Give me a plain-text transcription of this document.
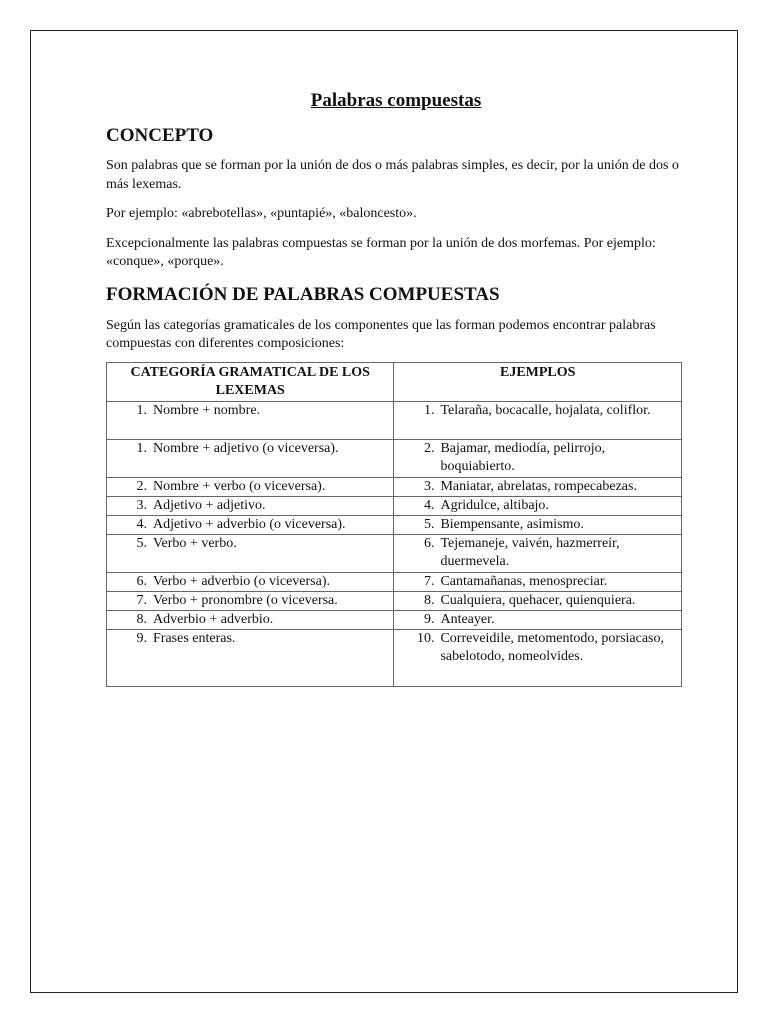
Palabras compuestas
CONCEPTO

Son palabras que se forman por la unión de dos o más palabras simples, es decir, por la unión de dos o más lexemas.

Por ejemplo: «abrebotellas», «puntapié», «baloncesto».

Excepcionalmente las palabras compuestas se forman por la unión de dos morfemas. Por ejemplo: «conque», «porque».

FORMACIÓN DE PALABRAS COMPUESTAS

Según las categorías gramaticales de los componentes que las forman podemos encontrar palabras compuestas con diferentes composiciones:

CATEGORÍA GRAMATICAL DE LOS LEXEMAS	EJEMPLOS

1. Nombre + nombre.	1. Telaraña, bocacalle, hojalata, coliflor.

1. Nombre + adjetivo (o viceversa).	2. Bajamar, mediodía, pelirrojo, boquiabierto.

2. Nombre + verbo (o viceversa).	3. Maniatar, abrelatas, rompecabezas.

3. Adjetivo + adjetivo.	4. Agridulce, altibajo.

4. Adjetivo + adverbio (o viceversa).	5. Biempensante, asimismo.

5. Verbo + verbo.	6. Tejemaneje, vaivén, hazmerreír, duermevela.

6. Verbo + adverbio (o viceversa).	7. Cantamañanas, menospreciar.

7. Verbo + pronombre (o viceversa.	8. Cualquiera, quehacer, quienquiera.

8. Adverbio + adverbio.	9. Anteayer.

9. Frases enteras.	10. Correveidile, metomentodo, porsiacaso, sabelotodo, nomeolvides.
